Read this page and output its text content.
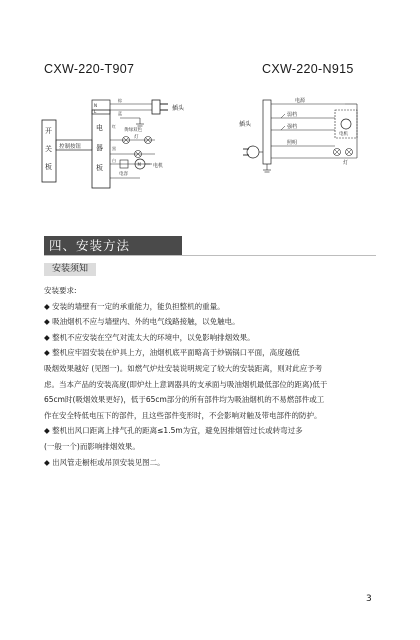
CXW-220-T907	CXW-220-N915
开
关
板
控制按钮
电
器
板
N
L
棕
蓝
插头
黄绿双色
灯
M 电机
电容
红
黑
白
插头
电源
弱档
强档
照明
电机
灯
四、安装方法
安装须知
安装要求:
◆ 安装的墙壁有一定的承重能力，能负担整机的重量。
◆ 吸油烟机不应与墙壁内、外的电气线路接触，以免触电。
◆ 整机不应安装在空气对流太大的环境中，以免影响排烟效果。
◆ 整机应牢固安装在炉具上方，油烟机底平面略高于炒锅锅口平面，高度越低
吸烟效果越好 (见图一)。如燃气炉灶安装说明规定了较大的安装距离，则对此应予考
虑。当本产品的安装高度(即炉灶上意调器具的支承面与吸油烟机最低部位的距离)低于
65cm时(吸烟效果更好)，低于65cm部分的所有部件均为吸油烟机的不易燃部件或工
作在安全特低电压下的部件，且这些部件变形时，不会影响对触及带电部件的防护。
◆ 整机出风口距离上排气孔的距离≤1.5m为宜，避免因排烟管过长或转弯过多
(一般一个)而影响排烟效果。
◆ 出风管走橱柜或吊顶安装见图二。
3
